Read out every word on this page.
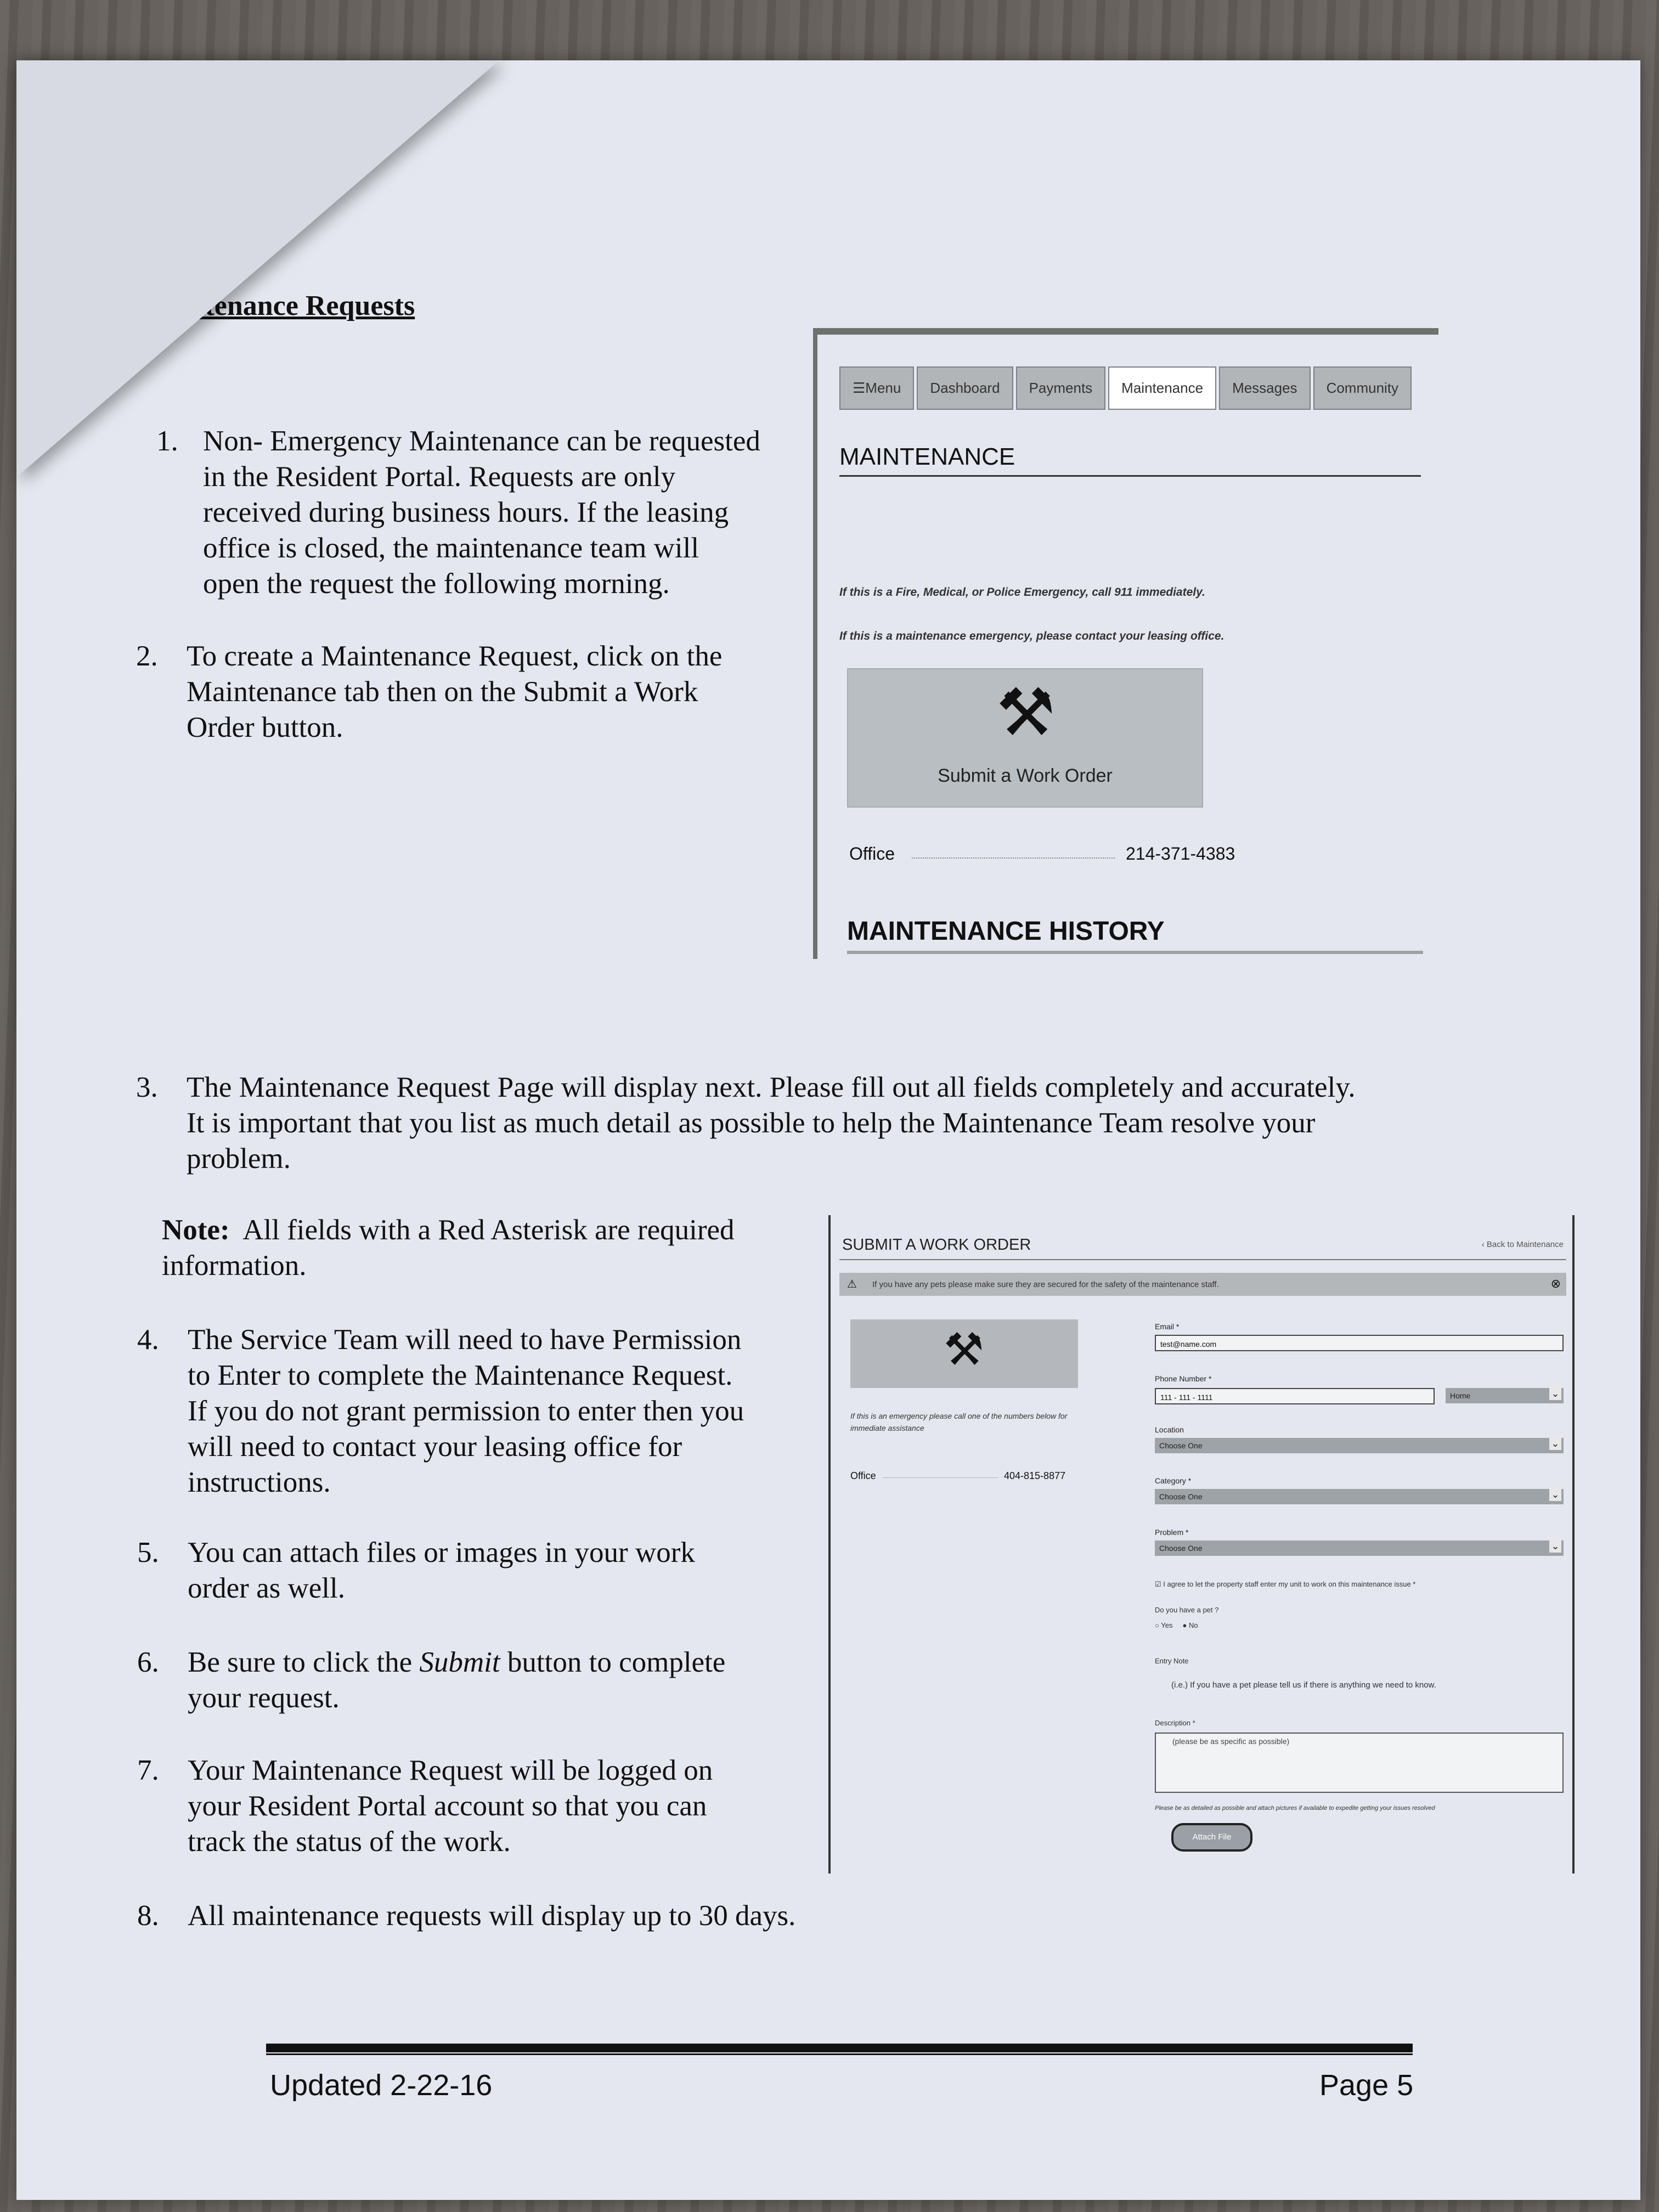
Maintenance Requests
1. Non- Emergency Maintenance can be requested
in the Resident Portal. Requests are only
received during business hours. If the leasing
office is closed, the maintenance team will
open the request the following morning.
2. To create a Maintenance Request, click on the
Maintenance tab then on the Submit a Work
Order button.
3. The Maintenance Request Page will display next. Please fill out all fields completely and accurately.
It is important that you list as much detail as possible to help the Maintenance Team resolve your
problem.
Note: All fields with a Red Asterisk are required
information.
4. The Service Team will need to have Permission
to Enter to complete the Maintenance Request.
If you do not grant permission to enter then you
will need to contact your leasing office for
instructions.
5. You can attach files or images in your work
order as well.
6. Be sure to click the Submit button to complete
your request.
7. Your Maintenance Request will be logged on
your Resident Portal account so that you can
track the status of the work.
8. All maintenance requests will display up to 30 days.
☰Menu	Dashboard	Payments	Maintenance	Messages	Community
MAINTENANCE
If this is a Fire, Medical, or Police Emergency, call 911 immediately.
If this is a maintenance emergency, please contact your leasing office.
⚒
Submit a Work Order
Office	214-371-4383
MAINTENANCE HISTORY
SUBMIT A WORK ORDER	‹ Back to Maintenance
⚠ If you have any pets please make sure they are secured for the safety of the maintenance staff.	⊗
⚒
If this is an emergency please call one of the numbers below for immediate assistance
Office	404-815-8877
Email *
test@name.com
Phone Number *
111 - 111 - 1111	Home ⌄
Location
Choose One ⌄
Category *
Choose One ⌄
Problem *
Choose One ⌄
☑ I agree to let the property staff enter my unit to work on this maintenance issue *
Do you have a pet ?
○ Yes ● No
Entry Note
(i.e.) If you have a pet please tell us if there is anything we need to know.
Description *
(please be as specific as possible)
Please be as detailed as possible and attach pictures if available to expedite getting your issues resolved
Attach File
Updated 2-22-16	Page 5
